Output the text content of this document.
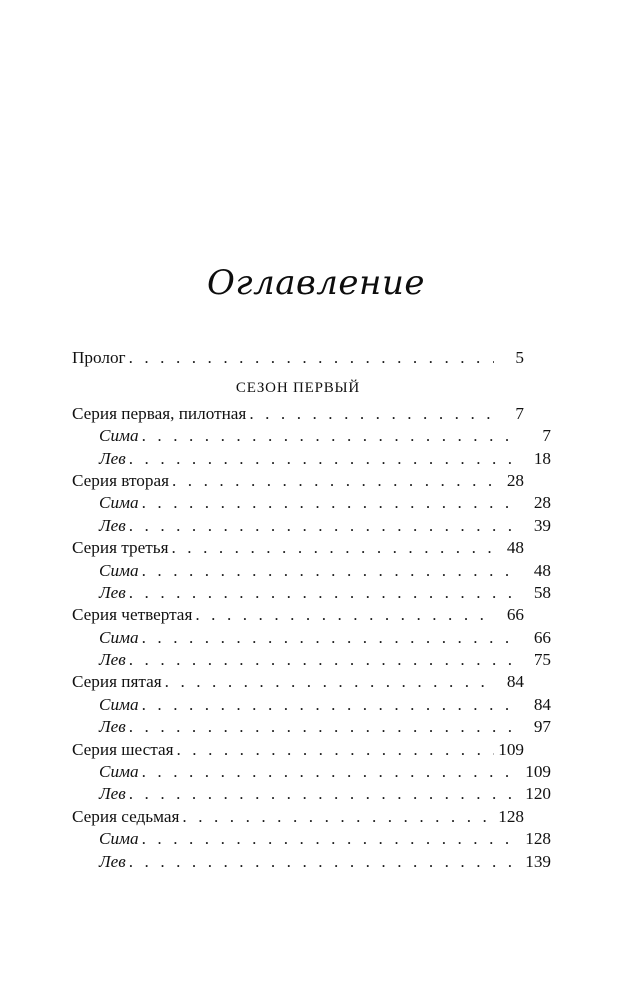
Оглавление
Пролог . . .	5
СЕЗОН ПЕРВЫЙ
Серия первая, пилотная . . .	7
Сима . . .	7
Лев . . .	18
Серия вторая . . .	28
Сима . . .	28
Лев . . .	39
Серия третья . . .	48
Сима . . .	48
Лев . . .	58
Серия четвертая . . .	66
Сима . . .	66
Лев . . .	75
Серия пятая . . .	84
Сима . . .	84
Лев . . .	97
Серия шестая . . .	109
Сима . . .	109
Лев . . .	120
Серия седьмая . . .	128
Сима . . .	128
Лев . . .	139
